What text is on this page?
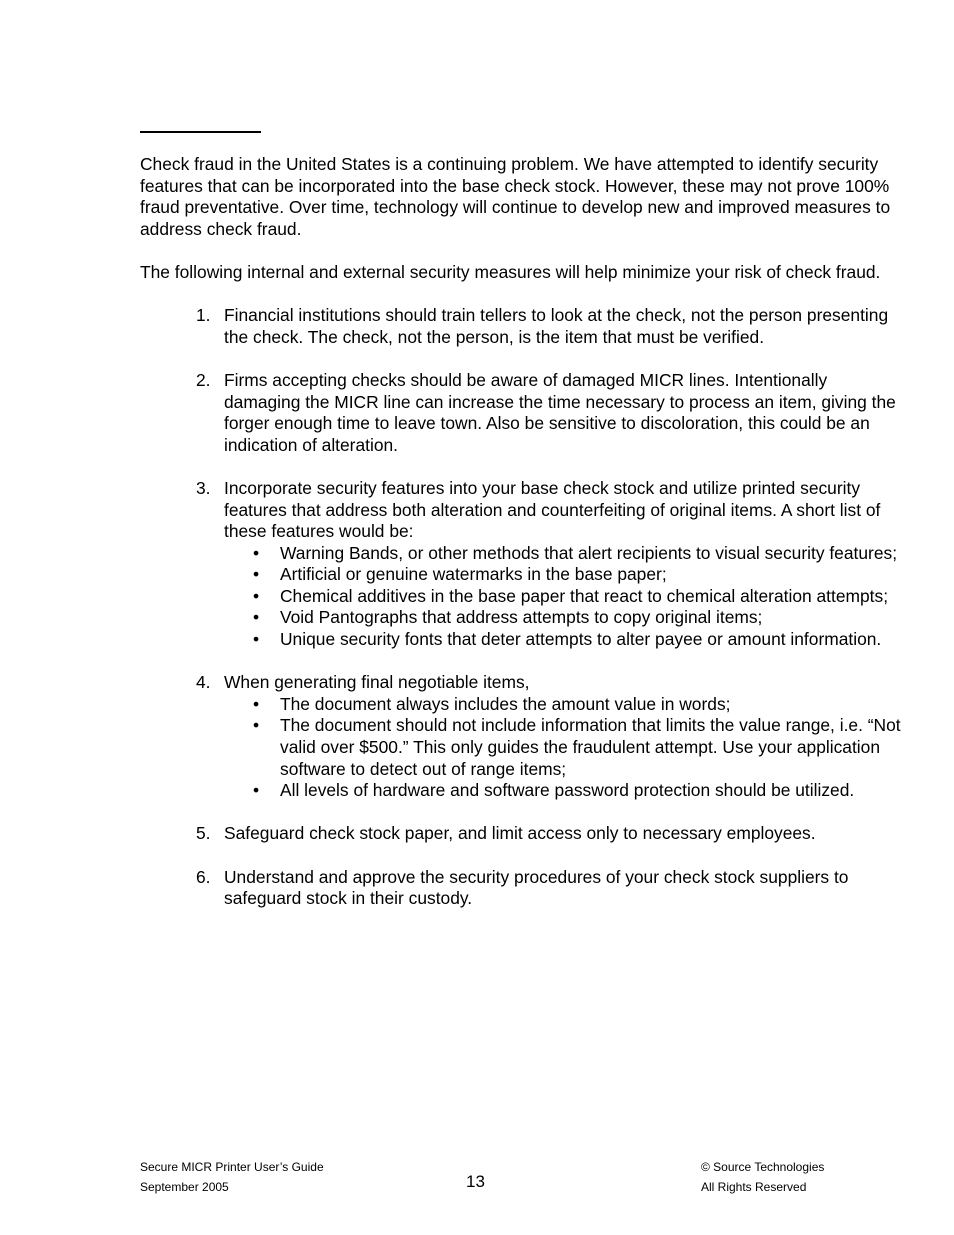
Check fraud in the United States is a continuing problem. We have attempted to identify security features that can be incorporated into the base check stock. However, these may not prove 100% fraud preventative. Over time, technology will continue to develop new and improved measures to address check fraud.

The following internal and external security measures will help minimize your risk of check fraud.

1. Financial institutions should train tellers to look at the check, not the person presenting the check. The check, not the person, is the item that must be verified.
2. Firms accepting checks should be aware of damaged MICR lines. Intentionally damaging the MICR line can increase the time necessary to process an item, giving the forger enough time to leave town. Also be sensitive to discoloration, this could be an indication of alteration.
3. Incorporate security features into your base check stock and utilize printed security features that address both alteration and counterfeiting of original items. A short list of these features would be:
• Warning Bands, or other methods that alert recipients to visual security features;
• Artificial or genuine watermarks in the base paper;
• Chemical additives in the base paper that react to chemical alteration attempts;
• Void Pantographs that address attempts to copy original items;
• Unique security fonts that deter attempts to alter payee or amount information.
4. When generating final negotiable items,
• The document always includes the amount value in words;
• The document should not include information that limits the value range, i.e. “Not valid over $500.” This only guides the fraudulent attempt. Use your application software to detect out of range items;
• All levels of hardware and software password protection should be utilized.
5. Safeguard check stock paper, and limit access only to necessary employees.
6. Understand and approve the security procedures of your check stock suppliers to safeguard stock in their custody.
Secure MICR Printer User’s Guide
September 2005	13
© Source Technologies
All Rights Reserved
